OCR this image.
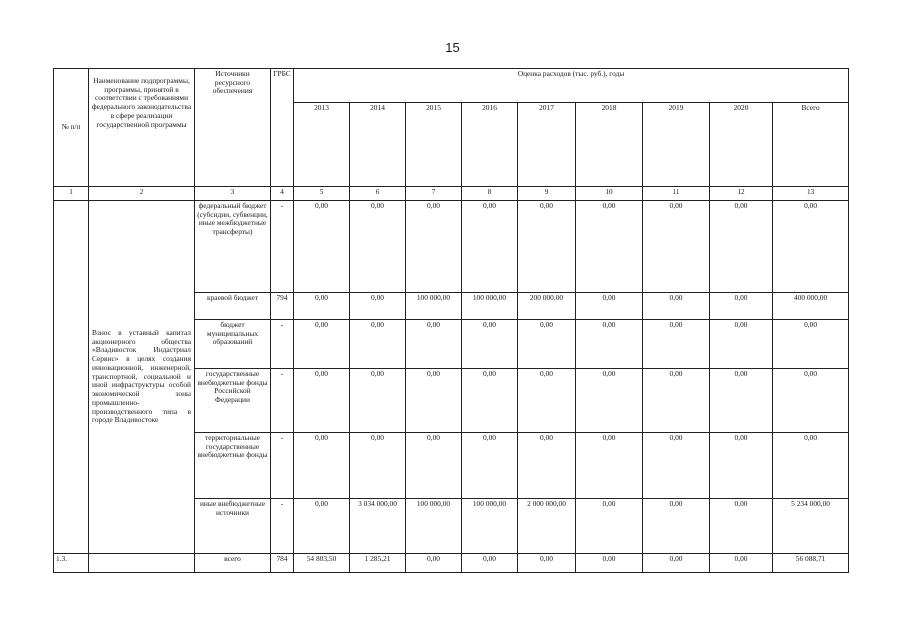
15
№ п/п	Наименование подпрограммы, программы, принятой в соответствии с требованиями федерального законодательства в сфере реализации государственной программы	Источники ресурсного обеспечения	ГРБС	Оценка расходов (тыс. руб.), годы								
				2013	2014	2015	2016	2017	2018	2019	2020	Всего
1	2	3	4	5	6	7	8	9	10	11	12	13
	Взнос в уставный капитал акционерного общества «Владивосток Индастриал Сервис» в целях создания инновационной, инженерной, транспортной, социальной и иной инфраструктуры особой экономической зоны промышленно-производственного типа в городе Владивостоке	федеральный бюджет (субсидии, субвенции, иные межбюджетные трансферты)	-	0,00	0,00	0,00	0,00	0,00	0,00	0,00	0,00	0,00
		краевой бюджет	794	0,00	0,00	100 000,00	100 000,00	200 000,00	0,00	0,00	0,00	400 000,00
		бюджет муниципальных образований	-	0,00	0,00	0,00	0,00	0,00	0,00	0,00	0,00	0,00
		государственные внебюджетные фонды Российской Федерации	-	0,00	0,00	0,00	0,00	0,00	0,00	0,00	0,00	0,00
		территориальные государственные внебюджетные фонды	-	0,00	0,00	0,00	0,00	0,00	0,00	0,00	0,00	0,00
		иные внебюджетные источники	-	0,00	3 034 000,00	100 000,00	100 000,00	2 000 000,00	0,00	0,00	0,00	5 234 000,00
1.3.		всего	784	54 803,50	1 285,21	0,00	0,00	0,00	0,00	0,00	0,00	56 088,71
